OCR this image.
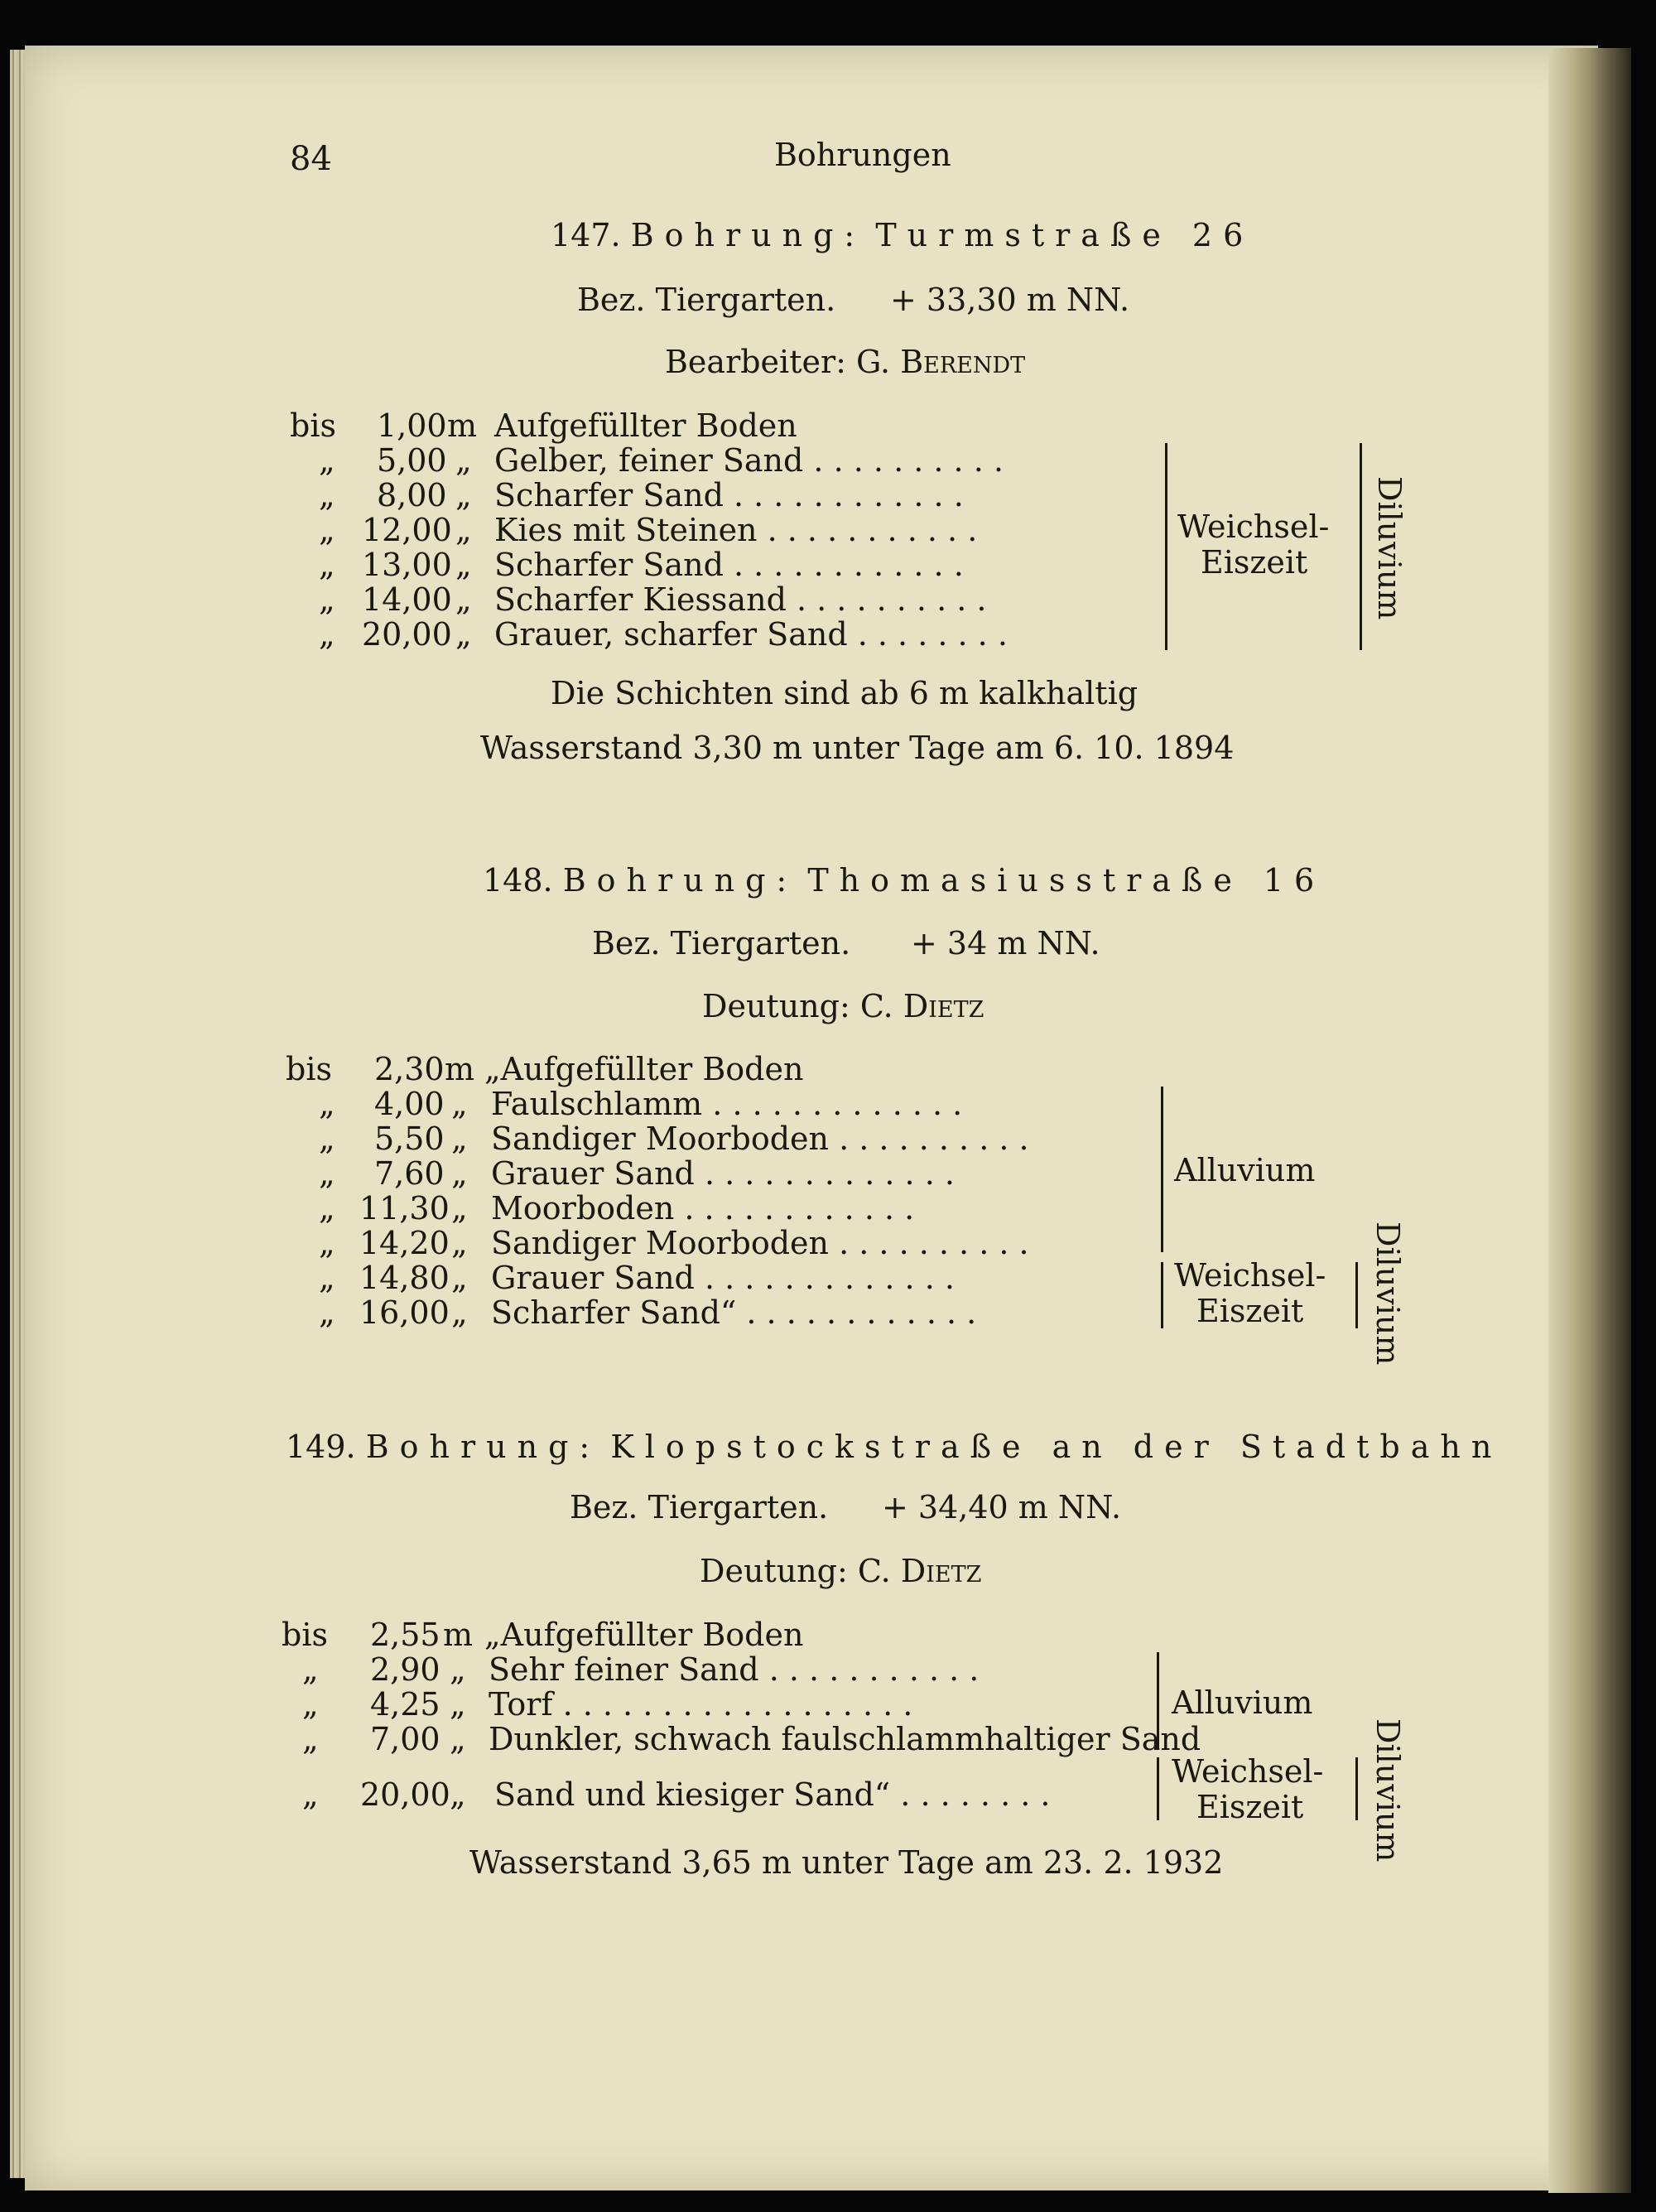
84	Bohrungen
147. Bohrung: Turmstraße 26
Bez. Tiergarten. + 33,30 m NN.
Bearbeiter: G. Berendt
bis 1,00 m Aufgefüllter Boden
„ 5,00 „ Gelber, feiner Sand . . . . . . . . . .
„ 8,00 „ Scharfer Sand . . . . . . . . . . . .
„ 12,00 „ Kies mit Steinen . . . . . . . . . . .
„ 13,00 „ Scharfer Sand . . . . . . . . . . . .
„ 14,00 „ Scharfer Kiessand . . . . . . . . . .
„ 20,00 „ Grauer, scharfer Sand . . . . . . . .
Weichsel-
Eiszeit Diluvium
Die Schichten sind ab 6 m kalkhaltig
Wasserstand 3,30 m unter Tage am 6. 10. 1894
148. Bohrung: Thomasiusstraße 16
Bez. Tiergarten. + 34 m NN.
Deutung: C. Dietz
bis 2,30 m „Aufgefüllter Boden
„ 4,00 „ Faulschlamm . . . . . . . . . . . . .
„ 5,50 „ Sandiger Moorboden . . . . . . . . . .
„ 7,60 „ Grauer Sand . . . . . . . . . . . . .
„ 11,30 „ Moorboden . . . . . . . . . . . .
„ 14,20 „ Sandiger Moorboden . . . . . . . . . .
„ 14,80 „ Grauer Sand . . . . . . . . . . . . .
„ 16,00 „ Scharfer Sand“ . . . . . . . . . . . .
Alluvium
Weichsel-
Eiszeit Diluvium
149. Bohrung: Klopstockstraße an der Stadtbahn
Bez. Tiergarten. + 34,40 m NN.
Deutung: C. Dietz
bis 2,55 m „Aufgefüllter Boden
„ 2,90 „ Sehr feiner Sand . . . . . . . . . . .
„ 4,25 „ Torf . . . . . . . . . . . . . . . . . .
„ 7,00 „ Dunkler, schwach faulschlammhaltiger Sand
„ 20,00 „ Sand und kiesiger Sand“ . . . . . . . .
Alluvium
Weichsel-
Eiszeit Diluvium
Wasserstand 3,65 m unter Tage am 23. 2. 1932
